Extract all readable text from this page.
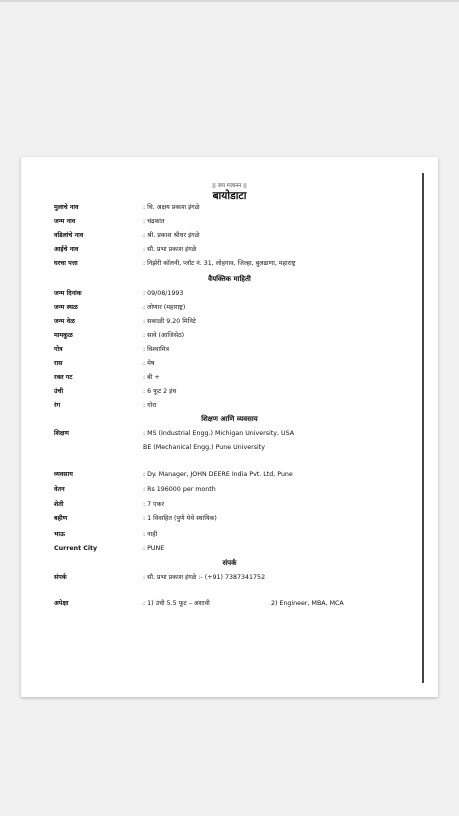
|| जय गजानन ||
बायोडाटा
मुलाचे नाव	: चि. अक्षय प्रकाश इंगळे
जन्म नाव	: चंद्रकांत
वडिलांचे नाव	: श्री. प्रकाश श्रीधर इंगळे
आईचे नाव	: सौ. प्रभा प्रकाश इंगळे
घरचा पत्ता	: निर्झरी कॉलनी, प्लॉट नं. 31, लोहगाव, जिल्हा, बुलढाणा, महाराष्ट्र
वैयक्तिक माहिती
जन्म दिनांक	: 09/08/1993
जन्म स्थळ	: लोणार (महाराष्ट्र)
जन्म वेळ	: सकाळी 9.20 मिनिटे
मामकुळ	: सावे (आजिसेठ)
गोत्र	: विश्वामित्र
रास	: मेष
रक्त गट	: बी +
उंची	: 6 फूट 2 इंच
रंग	: गोरा
शिक्षण आणि व्यवसाय
शिक्षण	: MS (Industrial Engg.) Michigan University, USA
BE (Mechanical Engg.) Pune University
व्यवसाय	: Dy. Manager, JOHN DEERE India Pvt. Ltd, Pune
वेतन	: Rs 196000 per month
शेती	: 7 एकर
बहीण	: 1 विवाहित (पुणे येथे स्थायिक)
भाऊ	: नाही
Current City	: PUNE
संपर्क
संपर्क	: सौ. प्रभा प्रकाश इंगळे :- (+91) 7387341752
अपेक्षा	: 1) उंची 5.5 फूट – अशावी	2) Engineer, MBA, MCA
